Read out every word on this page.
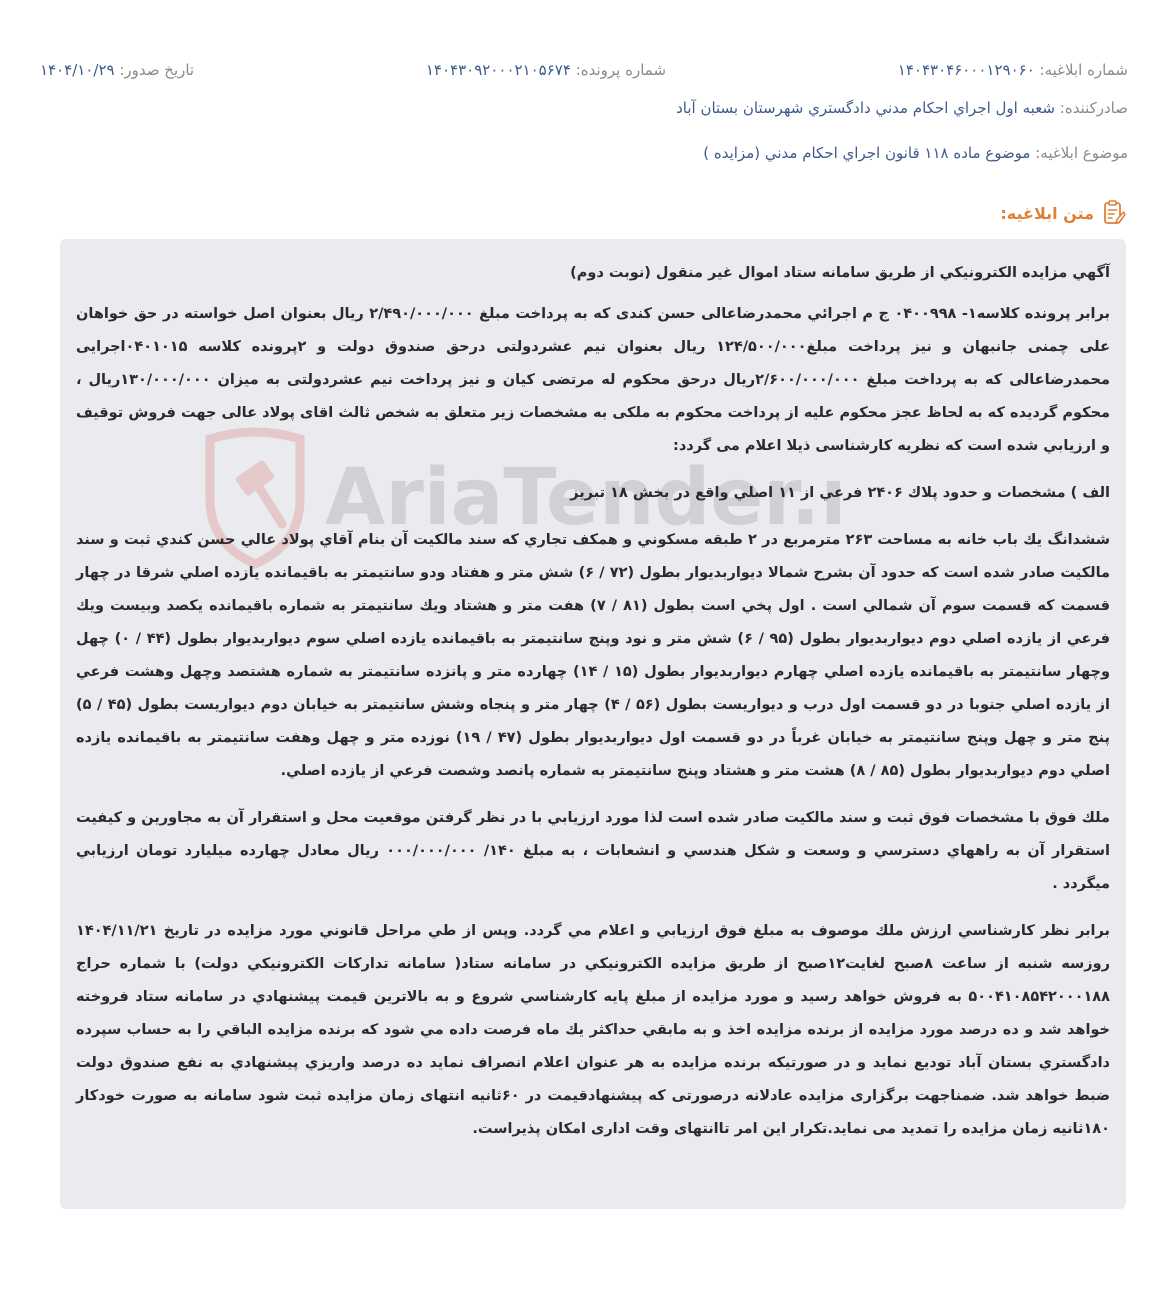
شماره ابلاغيه: ۱۴۰۴۳۰۴۶۰۰۰۱۲۹۰۶۰
شماره پرونده: ۱۴۰۴۳۰۹۲۰۰۰۲۱۰۵۶۷۴
تاریخ صدور: ۱۴۰۴/۱۰/۲۹
صادرکننده: شعبه اول اجراي احكام مدني دادگستري شهرستان بستان آباد
موضوع ابلاغيه: موضوع ماده ۱۱۸ قانون اجراي احكام مدني (مزايده )
متن ابلاغيه:
AriaTender.

آگهي مزايده الكترونيكي از طريق سامانه ستاد اموال غير منقول (نوبت دوم)

برابر پرونده كلاسه۱- ۰۴۰۰۹۹۸ ج م اجرائي محمدرضاعالی حسن کندی كه به پرداخت مبلغ ۲/۴۹۰/۰۰۰/۰۰۰ ريال بعنوان اصل خواسته در حق خواهان علی چمنی جانبهان و نيز پرداخت مبلغ۱۲۴/۵۰۰/۰۰۰ ريال بعنوان نيم عشردولتی درحق صندوق دولت و ۲پرونده كلاسه ۰۴۰۱۰۱۵اجرایی محمدرضاعالی كه به پرداخت مبلغ ۲/۶۰۰/۰۰۰/۰۰۰ريال درحق محکوم له مرتضی کیان و نیز پرداخت نیم عشردولتی به میزان ۱۳۰/۰۰۰/۰۰۰ريال ، محكوم گرديده كه به لحاظ عجز محكوم عليه از پرداخت محكوم به ملکی به مشخصات زير متعلق به شخص ثالث اقای پولاد عالی جهت فروش توقيف و ارزيابي شده است كه نظريه كارشناسی ذيلا اعلام می گردد:

الف ) مشخصات و حدود پلاك ۲۴۰۶ فرعي از ۱۱ اصلي واقع در بخش ۱۸ تبريز

ششدانگ يك باب خانه به مساحت ۲۶۳ مترمربع در ۲ طبقه مسكوني و همكف تجاري كه سند مالكيت آن بنام آقاي پولاد عالي حسن كندي ثبت و سند مالكيت صادر شده است كه حدود آن بشرح شمالا ديواربديوار بطول (۷۲ / ۶) شش متر و هفتاد ودو سانتيمتر به باقيمانده يازده اصلي شرقا در چهار قسمت كه قسمت سوم آن شمالي است . اول پخي است بطول (۸۱ / ۷) هفت متر و هشتاد ويك سانتيمتر به شماره باقيمانده يكصد وبيست ويك فرعي از يازده اصلي دوم ديواربديوار بطول (۹۵ / ۶) شش متر و نود وپنج سانتيمتر به باقيمانده يازده اصلي سوم ديواربديوار بطول (۴۴ / ۰) چهل وچهار سانتيمتر به باقيمانده يازده اصلي چهارم ديواربديوار بطول (۱۵ / ۱۴) چهارده متر و پانزده سانتيمتر به شماره هشتصد وچهل وهشت فرعي از يازده اصلي جنوبا در دو قسمت اول درب و ديواريست بطول (۵۶ / ۴) چهار متر و پنجاه وشش سانتيمتر به خيابان دوم ديواريست بطول (۴۵ / ۵) پنج متر و چهل وپنج سانتيمتر به خيابان غرباً در دو قسمت اول ديواربديوار بطول (۴۷ / ۱۹) نوزده متر و چهل وهفت سانتيمتر به باقيمانده يازده اصلي دوم ديواربديوار بطول (۸۵ / ۸) هشت متر و هشتاد وپنج سانتيمتر به شماره پانصد وشصت فرعي از يازده اصلي.

ملك فوق با مشخصات فوق ثبت و سند مالكيت صادر شده است لذا مورد ارزيابي با در نظر گرفتن موقعيت محل و استقرار آن به مجاورين و كيفيت استقرار آن به راههاي دسترسي و وسعت و شكل هندسي و انشعابات ، به مبلغ ۱۴۰/ ۰۰۰/۰۰۰/۰۰۰ ريال معادل چهارده ميليارد تومان ارزيابي ميگردد .

برابر نظر كارشناسي ارزش ملك موصوف به مبلغ فوق ارزيابي و اعلام مي گردد. وپس از طي مراحل قانوني مورد مزايده در تاريخ ۱۴۰۴/۱۱/۲۱ روزسه شنبه از ساعت ۸صبح لغايت۱۲صبح از طريق مزايده الكترونيكي در سامانه ستاد( سامانه تداركات الكترونيكي دولت) با شماره حراج ۵۰۰۴۱۰۸۵۴۲۰۰۰۱۸۸ به فروش خواهد رسيد و مورد مزايده از مبلغ پايه كارشناسي شروع و به بالاترين قيمت پيشنهادي در سامانه ستاد فروخته خواهد شد و ده درصد مورد مزايده از برنده مزايده اخذ و به مابقي حداكثر يك ماه فرصت داده مي شود كه برنده مزايده الباقي را به حساب سپرده دادگستري بستان آباد توديع نمايد و در صورتيكه برنده مزايده به هر عنوان اعلام انصراف نمايد ده درصد واريزي پيشنهادي به نفع صندوق دولت ضبط خواهد شد. ضمناجهت برگزاری مزایده عادلانه درصورتی که پیشنهادقیمت در ۶۰ثانیه انتهای زمان مزایده ثبت شود سامانه به صورت خودکار ۱۸۰ثانیه زمان مزایده را تمدید می نماید.تکرار این امر تاانتهای وقت اداری امکان پذیراست.
